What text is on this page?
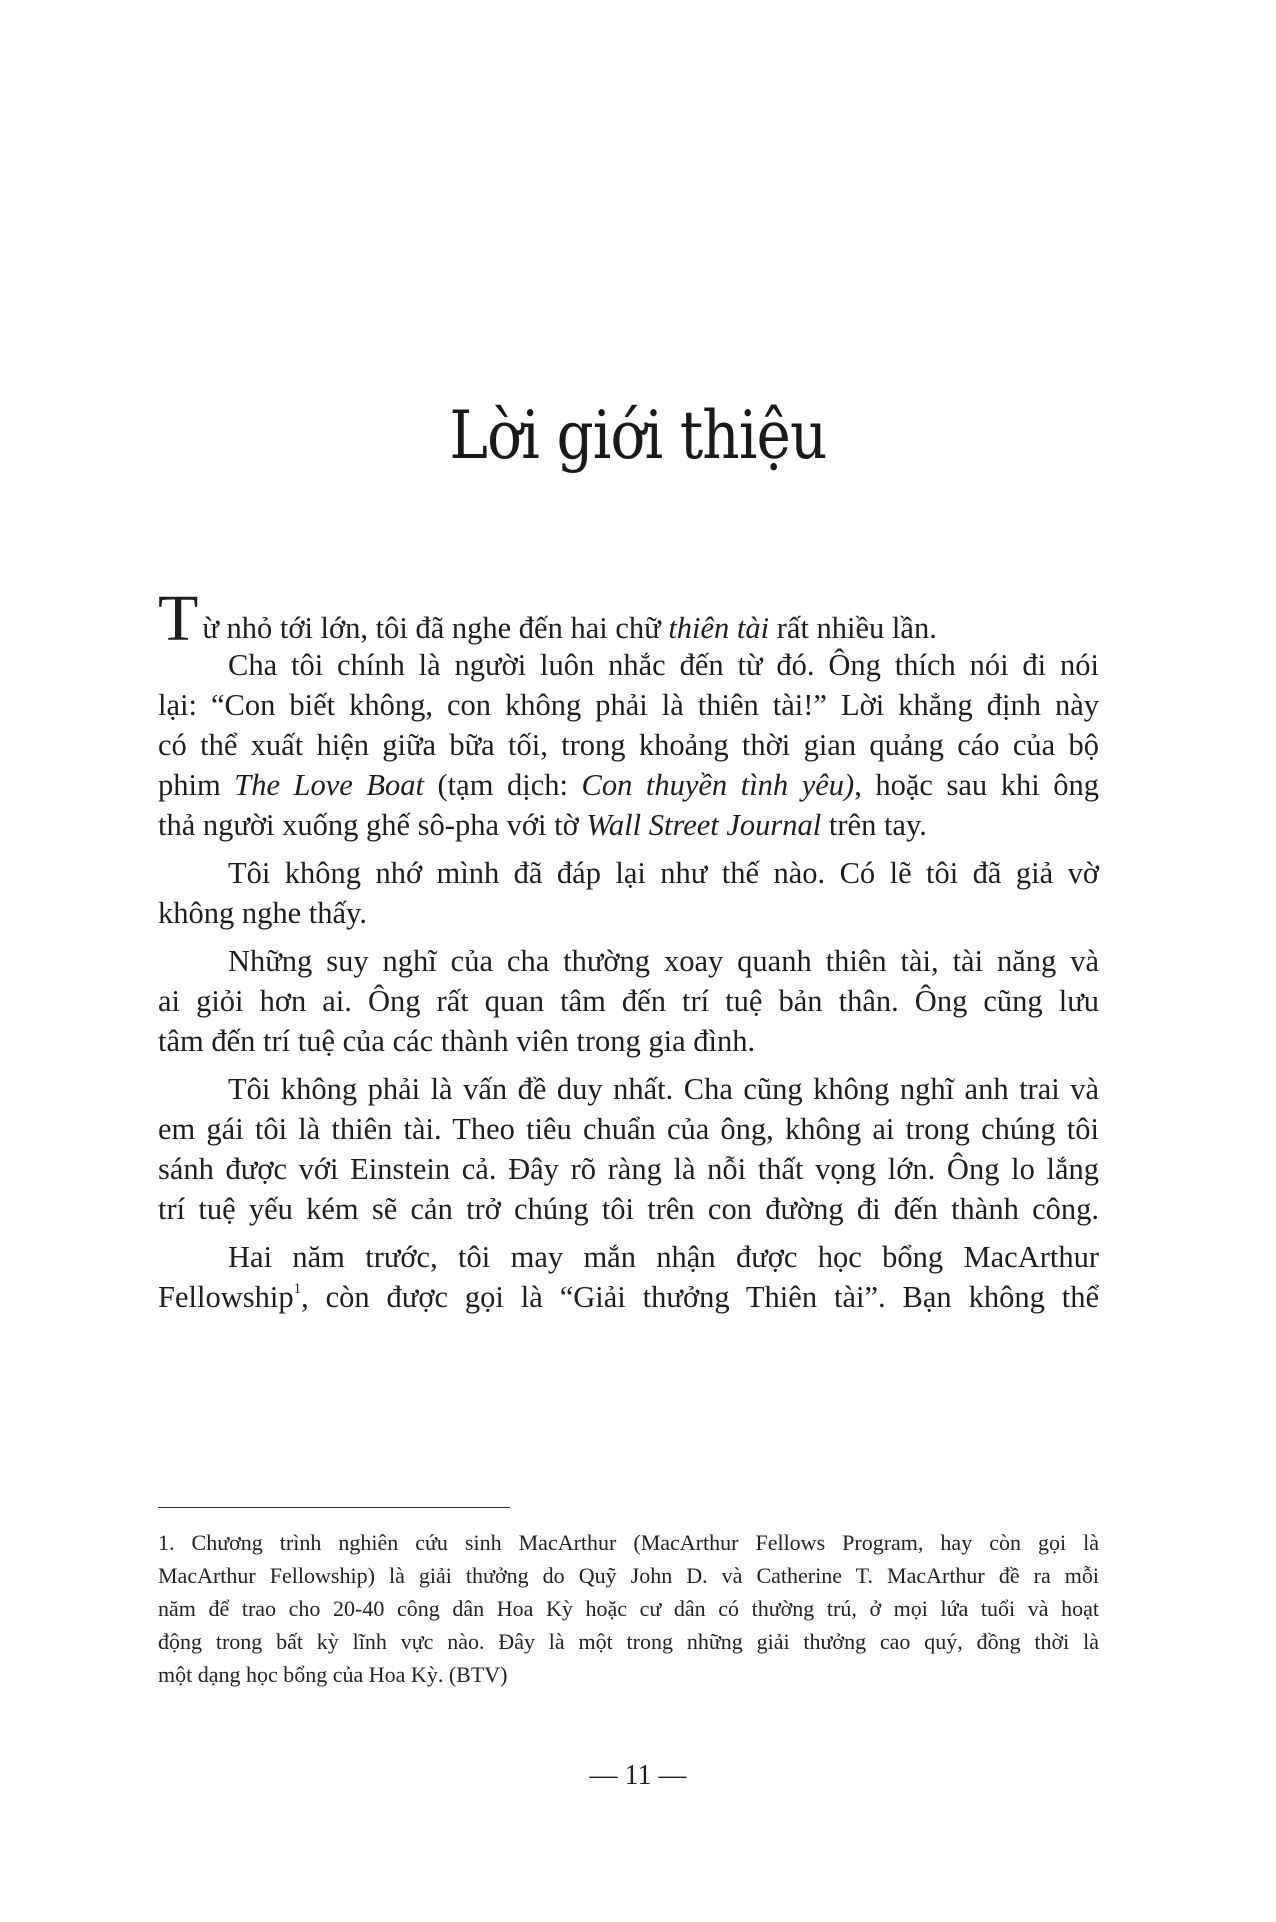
Lời giới thiệu
Từ nhỏ tới lớn, tôi đã nghe đến hai chữ thiên tài rất nhiều lần.
Cha tôi chính là người luôn nhắc đến từ đó. Ông thích nói đi nói
lại: “Con biết không, con không phải là thiên tài!” Lời khẳng định này
có thể xuất hiện giữa bữa tối, trong khoảng thời gian quảng cáo của bộ
phim The Love Boat (tạm dịch: Con thuyền tình yêu), hoặc sau khi ông
thả người xuống ghế sô-pha với tờ Wall Street Journal trên tay.
Tôi không nhớ mình đã đáp lại như thế nào. Có lẽ tôi đã giả vờ
không nghe thấy.
Những suy nghĩ của cha thường xoay quanh thiên tài, tài năng và
ai giỏi hơn ai. Ông rất quan tâm đến trí tuệ bản thân. Ông cũng lưu
tâm đến trí tuệ của các thành viên trong gia đình.
Tôi không phải là vấn đề duy nhất. Cha cũng không nghĩ anh trai và
em gái tôi là thiên tài. Theo tiêu chuẩn của ông, không ai trong chúng tôi
sánh được với Einstein cả. Đây rõ ràng là nỗi thất vọng lớn. Ông lo lắng
trí tuệ yếu kém sẽ cản trở chúng tôi trên con đường đi đến thành công.
Hai năm trước, tôi may mắn nhận được học bổng MacArthur
Fellowship$^1$, còn được gọi là “Giải thưởng Thiên tài”. Bạn không thể
1. Chương trình nghiên cứu sinh MacArthur (MacArthur Fellows Program, hay còn gọi là
MacArthur Fellowship) là giải thưởng do Quỹ John D. và Catherine T. MacArthur đề ra mỗi
năm để trao cho 20-40 công dân Hoa Kỳ hoặc cư dân có thường trú, ở mọi lứa tuổi và hoạt
động trong bất kỳ lĩnh vực nào. Đây là một trong những giải thưởng cao quý, đồng thời là
một dạng học bổng của Hoa Kỳ. (BTV)
— 11 —
